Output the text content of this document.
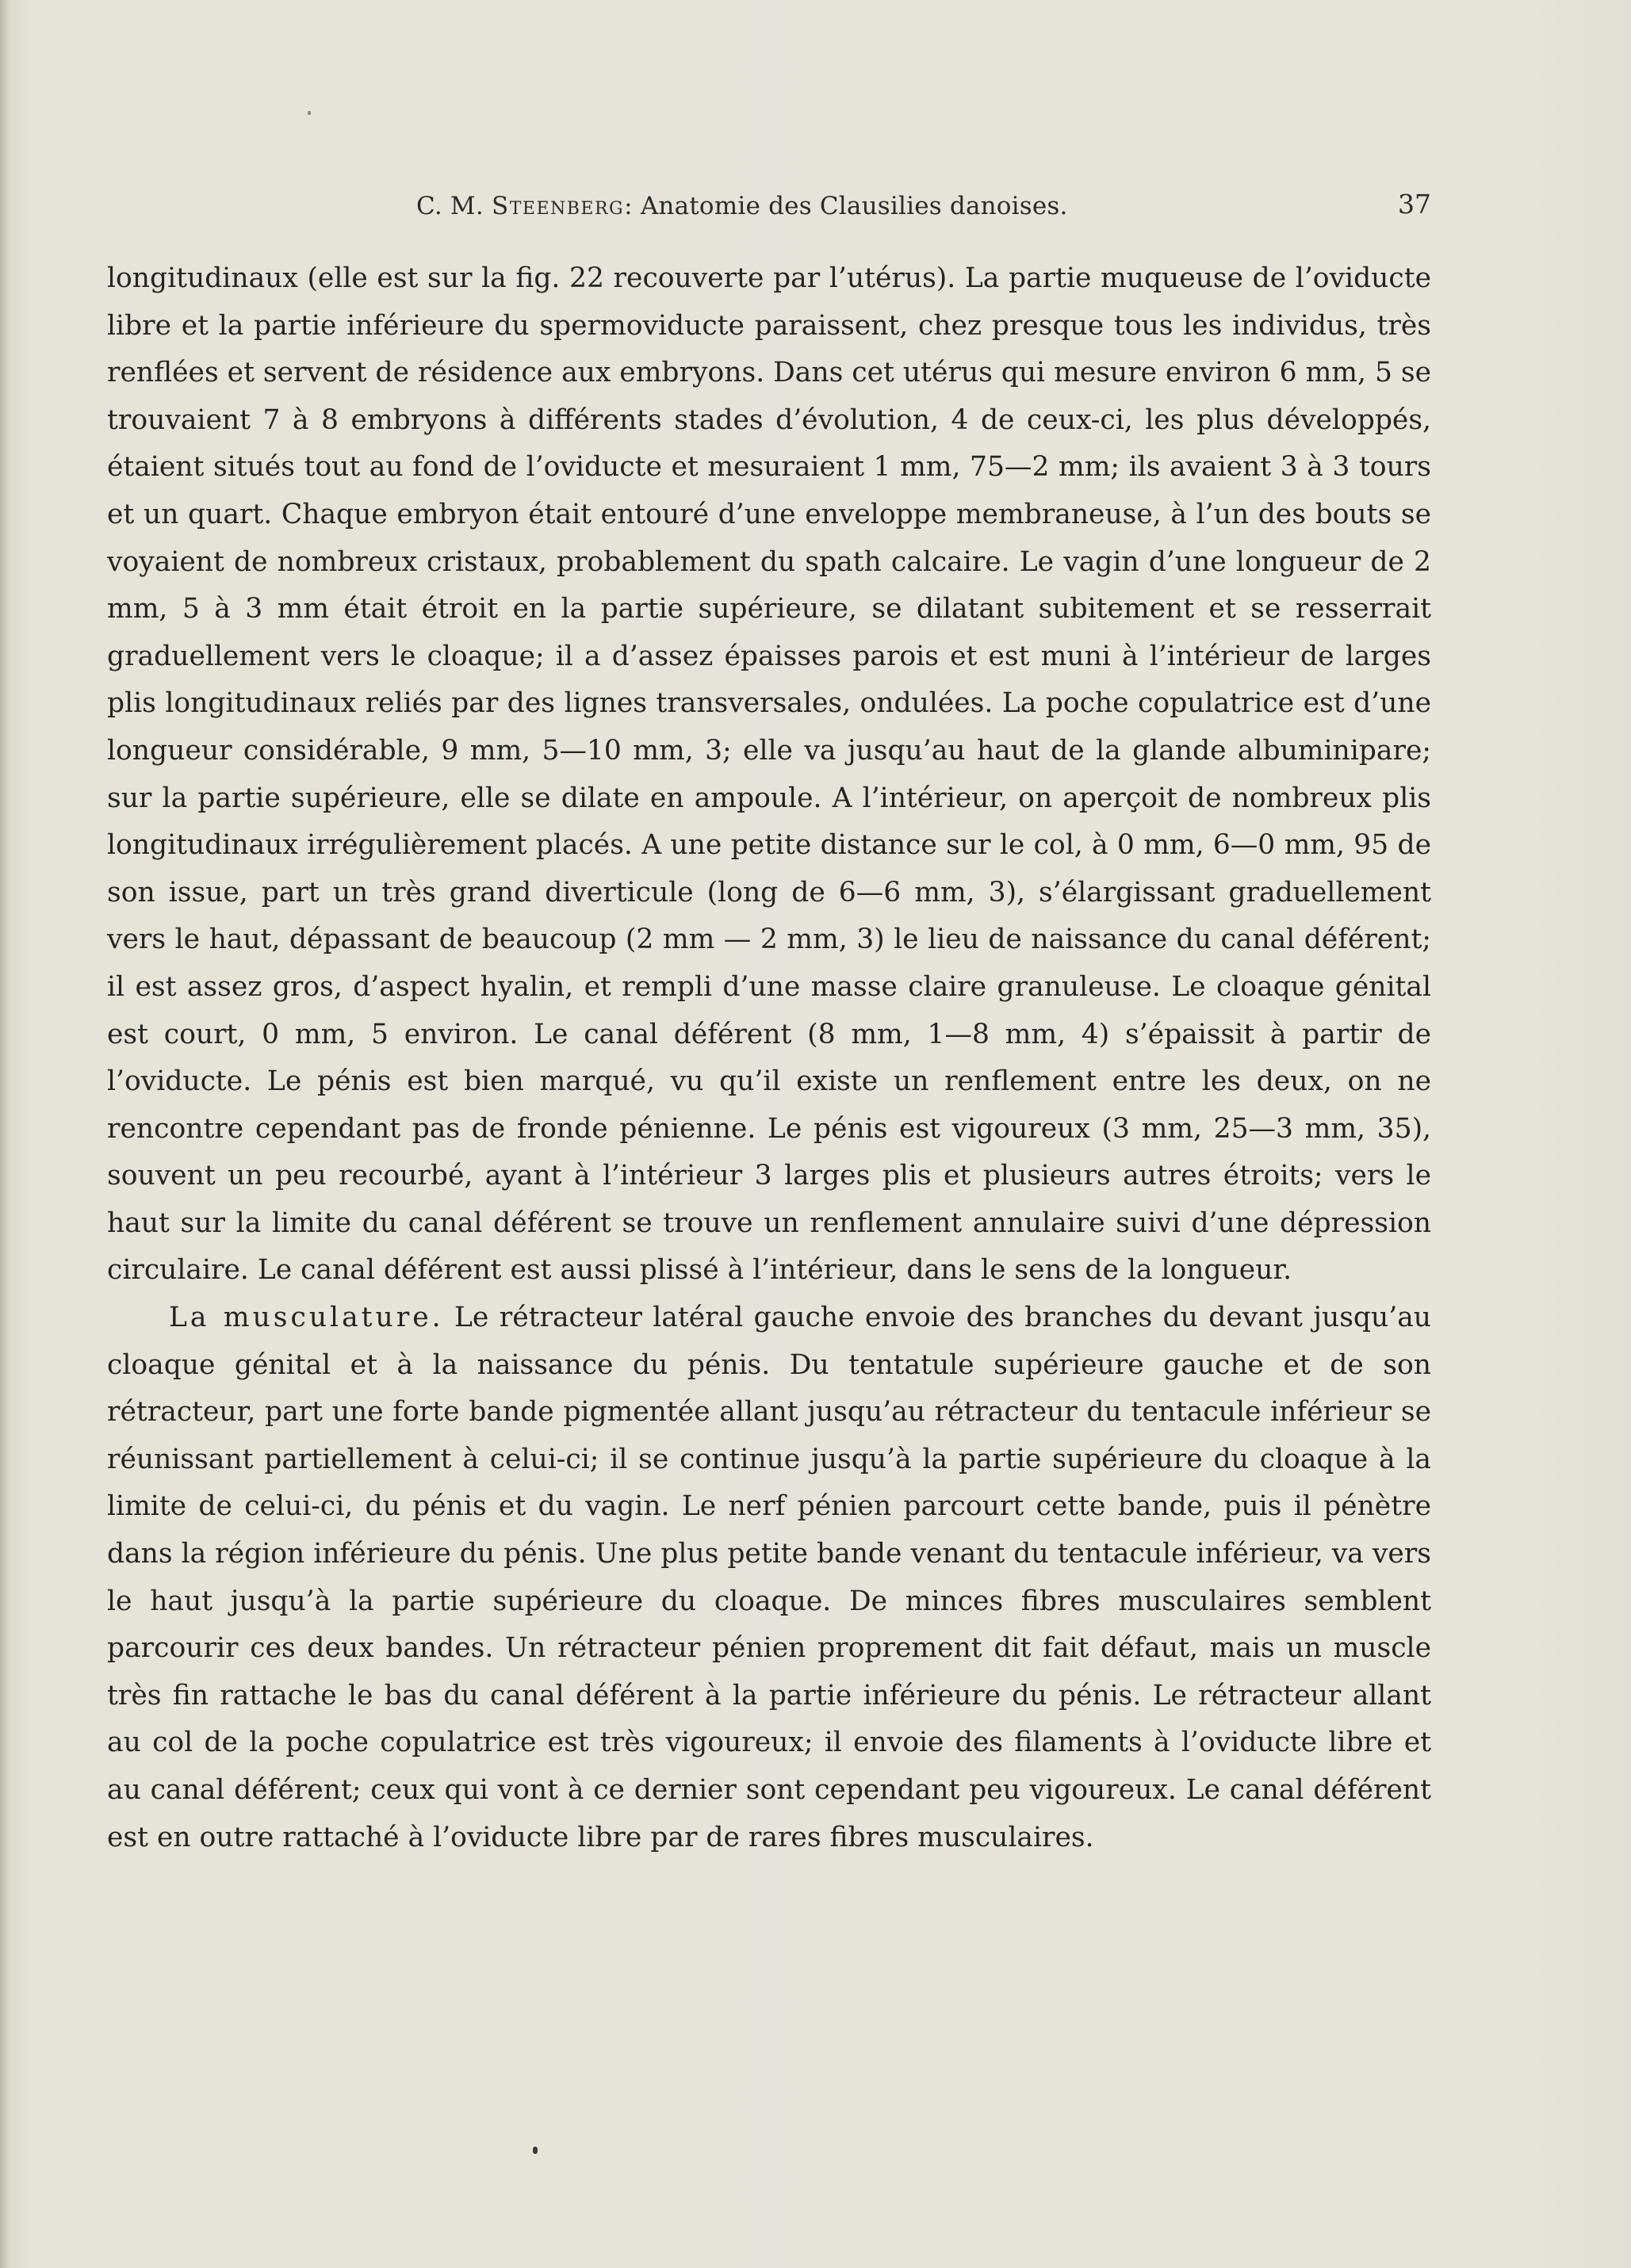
C. M. Steenberg: Anatomie des Clausilies danoises.	37

longitudinaux (elle est sur la fig. 22 recouverte par l’utérus). La partie muqueuse de l’oviducte libre et la partie inférieure du spermoviducte paraissent, chez presque tous les individus, très renflées et servent de résidence aux embryons. Dans cet utérus qui mesure environ 6 mm, 5 se trouvaient 7 à 8 embryons à différents stades d’évolution, 4 de ceux-ci, les plus développés, étaient situés tout au fond de l’oviducte et mesuraient 1 mm, 75—2 mm; ils avaient 3 à 3 tours et un quart. Chaque embryon était entouré d’une enveloppe membraneuse, à l’un des bouts se voyaient de nombreux cristaux, probablement du spath calcaire. Le vagin d’une longueur de 2 mm, 5 à 3 mm était étroit en la partie supérieure, se dilatant subitement et se resserrait graduellement vers le cloaque; il a d’assez épaisses parois et est muni à l’intérieur de larges plis longitudinaux reliés par des lignes transversales, ondulées. La poche copulatrice est d’une longueur considérable, 9 mm, 5—10 mm, 3; elle va jusqu’au haut de la glande albuminipare; sur la partie supérieure, elle se dilate en ampoule. A l’intérieur, on aperçoit de nombreux plis longitudinaux irrégulièrement placés. A une petite distance sur le col, à 0 mm, 6—0 mm, 95 de son issue, part un très grand diverticule (long de 6—6 mm, 3), s’élargissant graduellement vers le haut, dépassant de beaucoup (2 mm — 2 mm, 3) le lieu de naissance du canal déférent; il est assez gros, d’aspect hyalin, et rempli d’une masse claire granuleuse. Le cloaque génital est court, 0 mm, 5 environ. Le canal déférent (8 mm, 1—8 mm, 4) s’épaissit à partir de l’oviducte. Le pénis est bien marqué, vu qu’il existe un renflement entre les deux, on ne rencontre cependant pas de fronde pénienne. Le pénis est vigoureux (3 mm, 25—3 mm, 35), souvent un peu recourbé, ayant à l’intérieur 3 larges plis et plusieurs autres étroits; vers le haut sur la limite du canal déférent se trouve un renflement annulaire suivi d’une dépression circulaire. Le canal déférent est aussi plissé à l’intérieur, dans le sens de la longueur.

La musculature. Le rétracteur latéral gauche envoie des branches du devant jusqu’au cloaque génital et à la naissance du pénis. Du tentatule supérieure gauche et de son rétracteur, part une forte bande pigmentée allant jusqu’au rétracteur du tentacule inférieur se réunissant partiellement à celui-ci; il se continue jusqu’à la partie supérieure du cloaque à la limite de celui-ci, du pénis et du vagin. Le nerf pénien parcourt cette bande, puis il pénètre dans la région inférieure du pénis. Une plus petite bande venant du tentacule inférieur, va vers le haut jusqu’à la partie supérieure du cloaque. De minces fibres musculaires semblent parcourir ces deux bandes. Un rétracteur pénien proprement dit fait défaut, mais un muscle très fin rattache le bas du canal déférent à la partie inférieure du pénis. Le rétracteur allant au col de la poche copulatrice est très vigoureux; il envoie des filaments à l’oviducte libre et au canal déférent; ceux qui vont à ce dernier sont cependant peu vigoureux. Le canal déférent est en outre rattaché à l’oviducte libre par de rares fibres musculaires.
